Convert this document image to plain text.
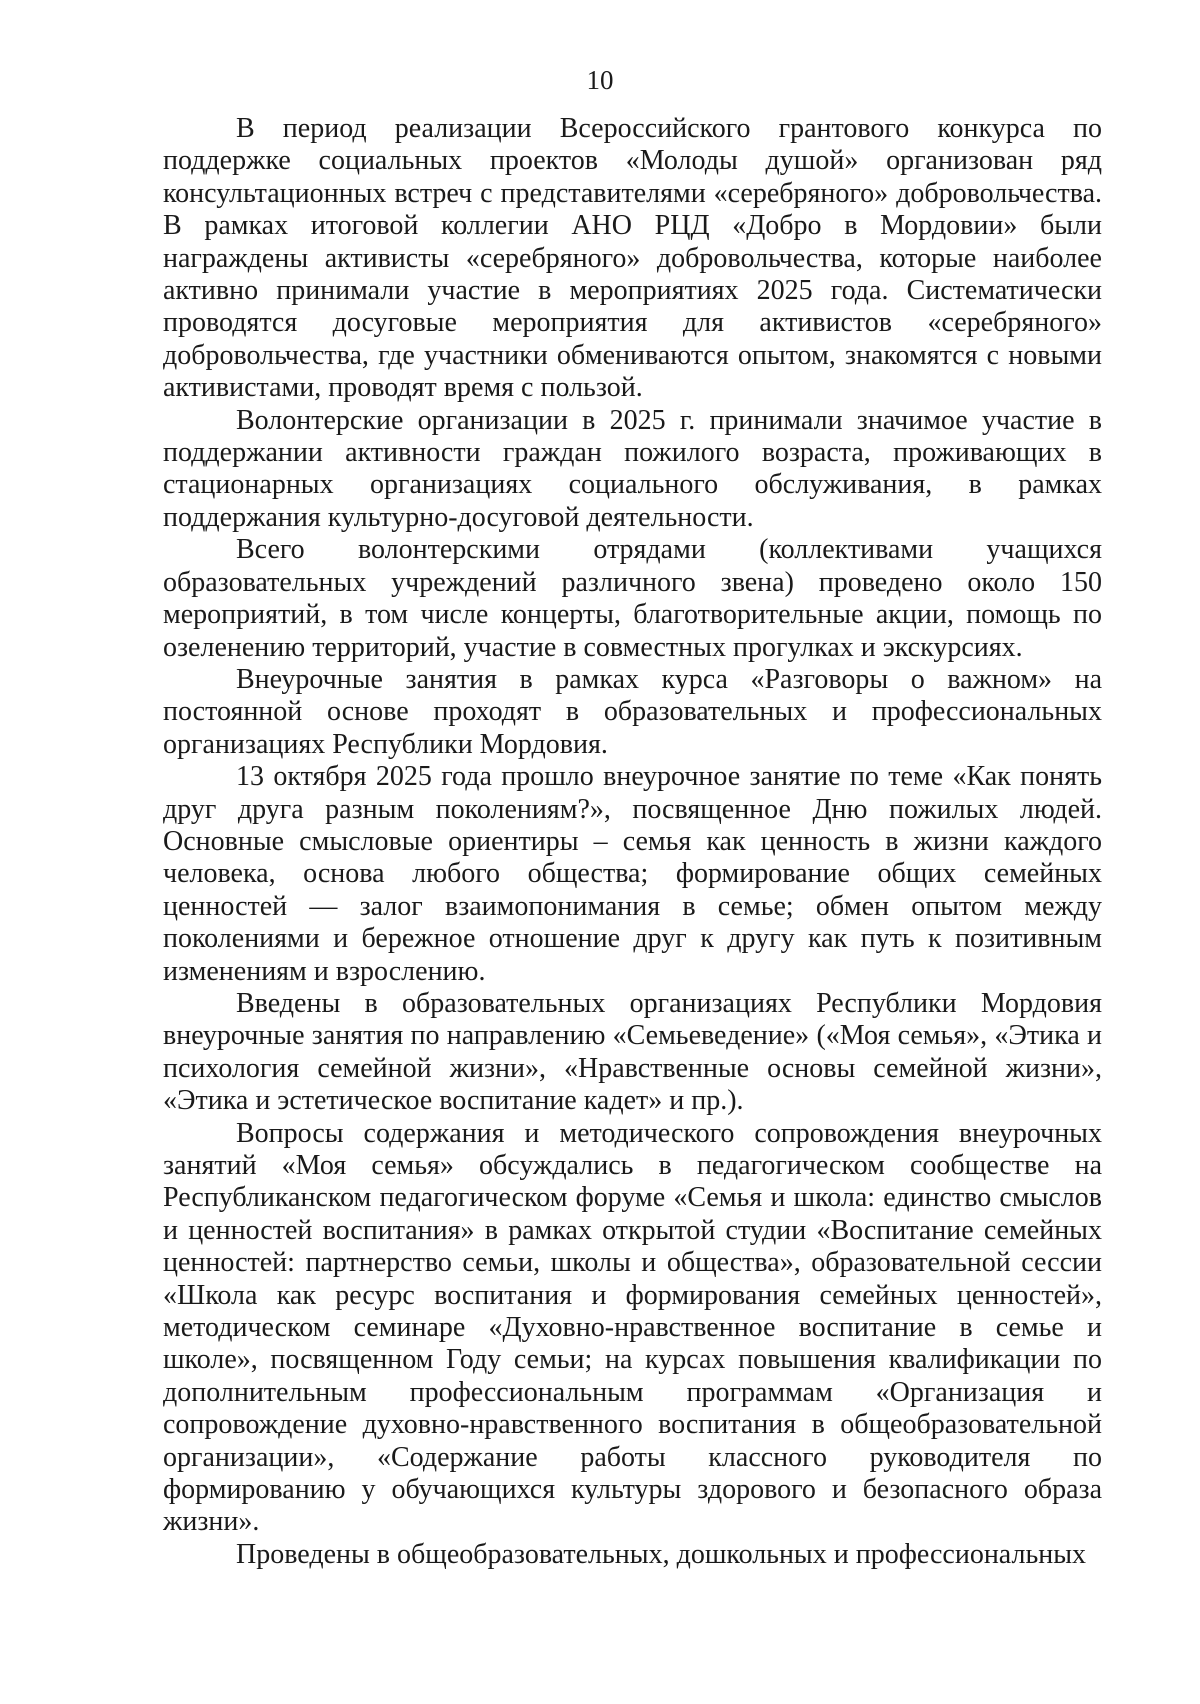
10

В период реализации Всероссийского грантового конкурса по поддержке социальных проектов «Молоды душой» организован ряд консультационных встреч с представителями «серебряного» добровольчества. В рамках итоговой коллегии АНО РЦД «Добро в Мордовии» были награждены активисты «серебряного» добровольчества, которые наиболее активно принимали участие в мероприятиях 2025 года. Систематически проводятся досуговые мероприятия для активистов «серебряного» добровольчества, где участники обмениваются опытом, знакомятся с новыми активистами, проводят время с пользой.

Волонтерские организации в 2025 г. принимали значимое участие в поддержании активности граждан пожилого возраста, проживающих в стационарных организациях социального обслуживания, в рамках поддержания культурно-досуговой деятельности.

Всего волонтерскими отрядами (коллективами учащихся образовательных учреждений различного звена) проведено около 150 мероприятий, в том числе концерты, благотворительные акции, помощь по озеленению территорий, участие в совместных прогулках и экскурсиях.

Внеурочные занятия в рамках курса «Разговоры о важном» на постоянной основе проходят в образовательных и профессиональных организациях Республики Мордовия.

13 октября 2025 года прошло внеурочное занятие по теме «Как понять друг друга разным поколениям?», посвященное Дню пожилых людей. Основные смысловые ориентиры – семья как ценность в жизни каждого человека, основа любого общества; формирование общих семейных ценностей — залог взаимопонимания в семье; обмен опытом между поколениями и бережное отношение друг к другу как путь к позитивным изменениям и взрослению.

Введены в образовательных организациях Республики Мордовия внеурочные занятия по направлению «Семьеведение» («Моя семья», «Этика и психология семейной жизни», «Нравственные основы семейной жизни», «Этика и эстетическое воспитание кадет» и пр.).

Вопросы содержания и методического сопровождения внеурочных занятий «Моя семья» обсуждались в педагогическом сообществе на Республиканском педагогическом форуме «Семья и школа: единство смыслов и ценностей воспитания» в рамках открытой студии «Воспитание семейных ценностей: партнерство семьи, школы и общества», образовательной сессии «Школа как ресурс воспитания и формирования семейных ценностей», методическом семинаре «Духовно-нравственное воспитание в семье и школе», посвященном Году семьи; на курсах повышения квалификации по дополнительным профессиональным программам «Организация и сопровождение духовно-нравственного воспитания в общеобразовательной организации», «Содержание работы классного руководителя по формированию у обучающихся культуры здорового и безопасного образа жизни».

Проведены в общеобразовательных, дошкольных и профессиональных
